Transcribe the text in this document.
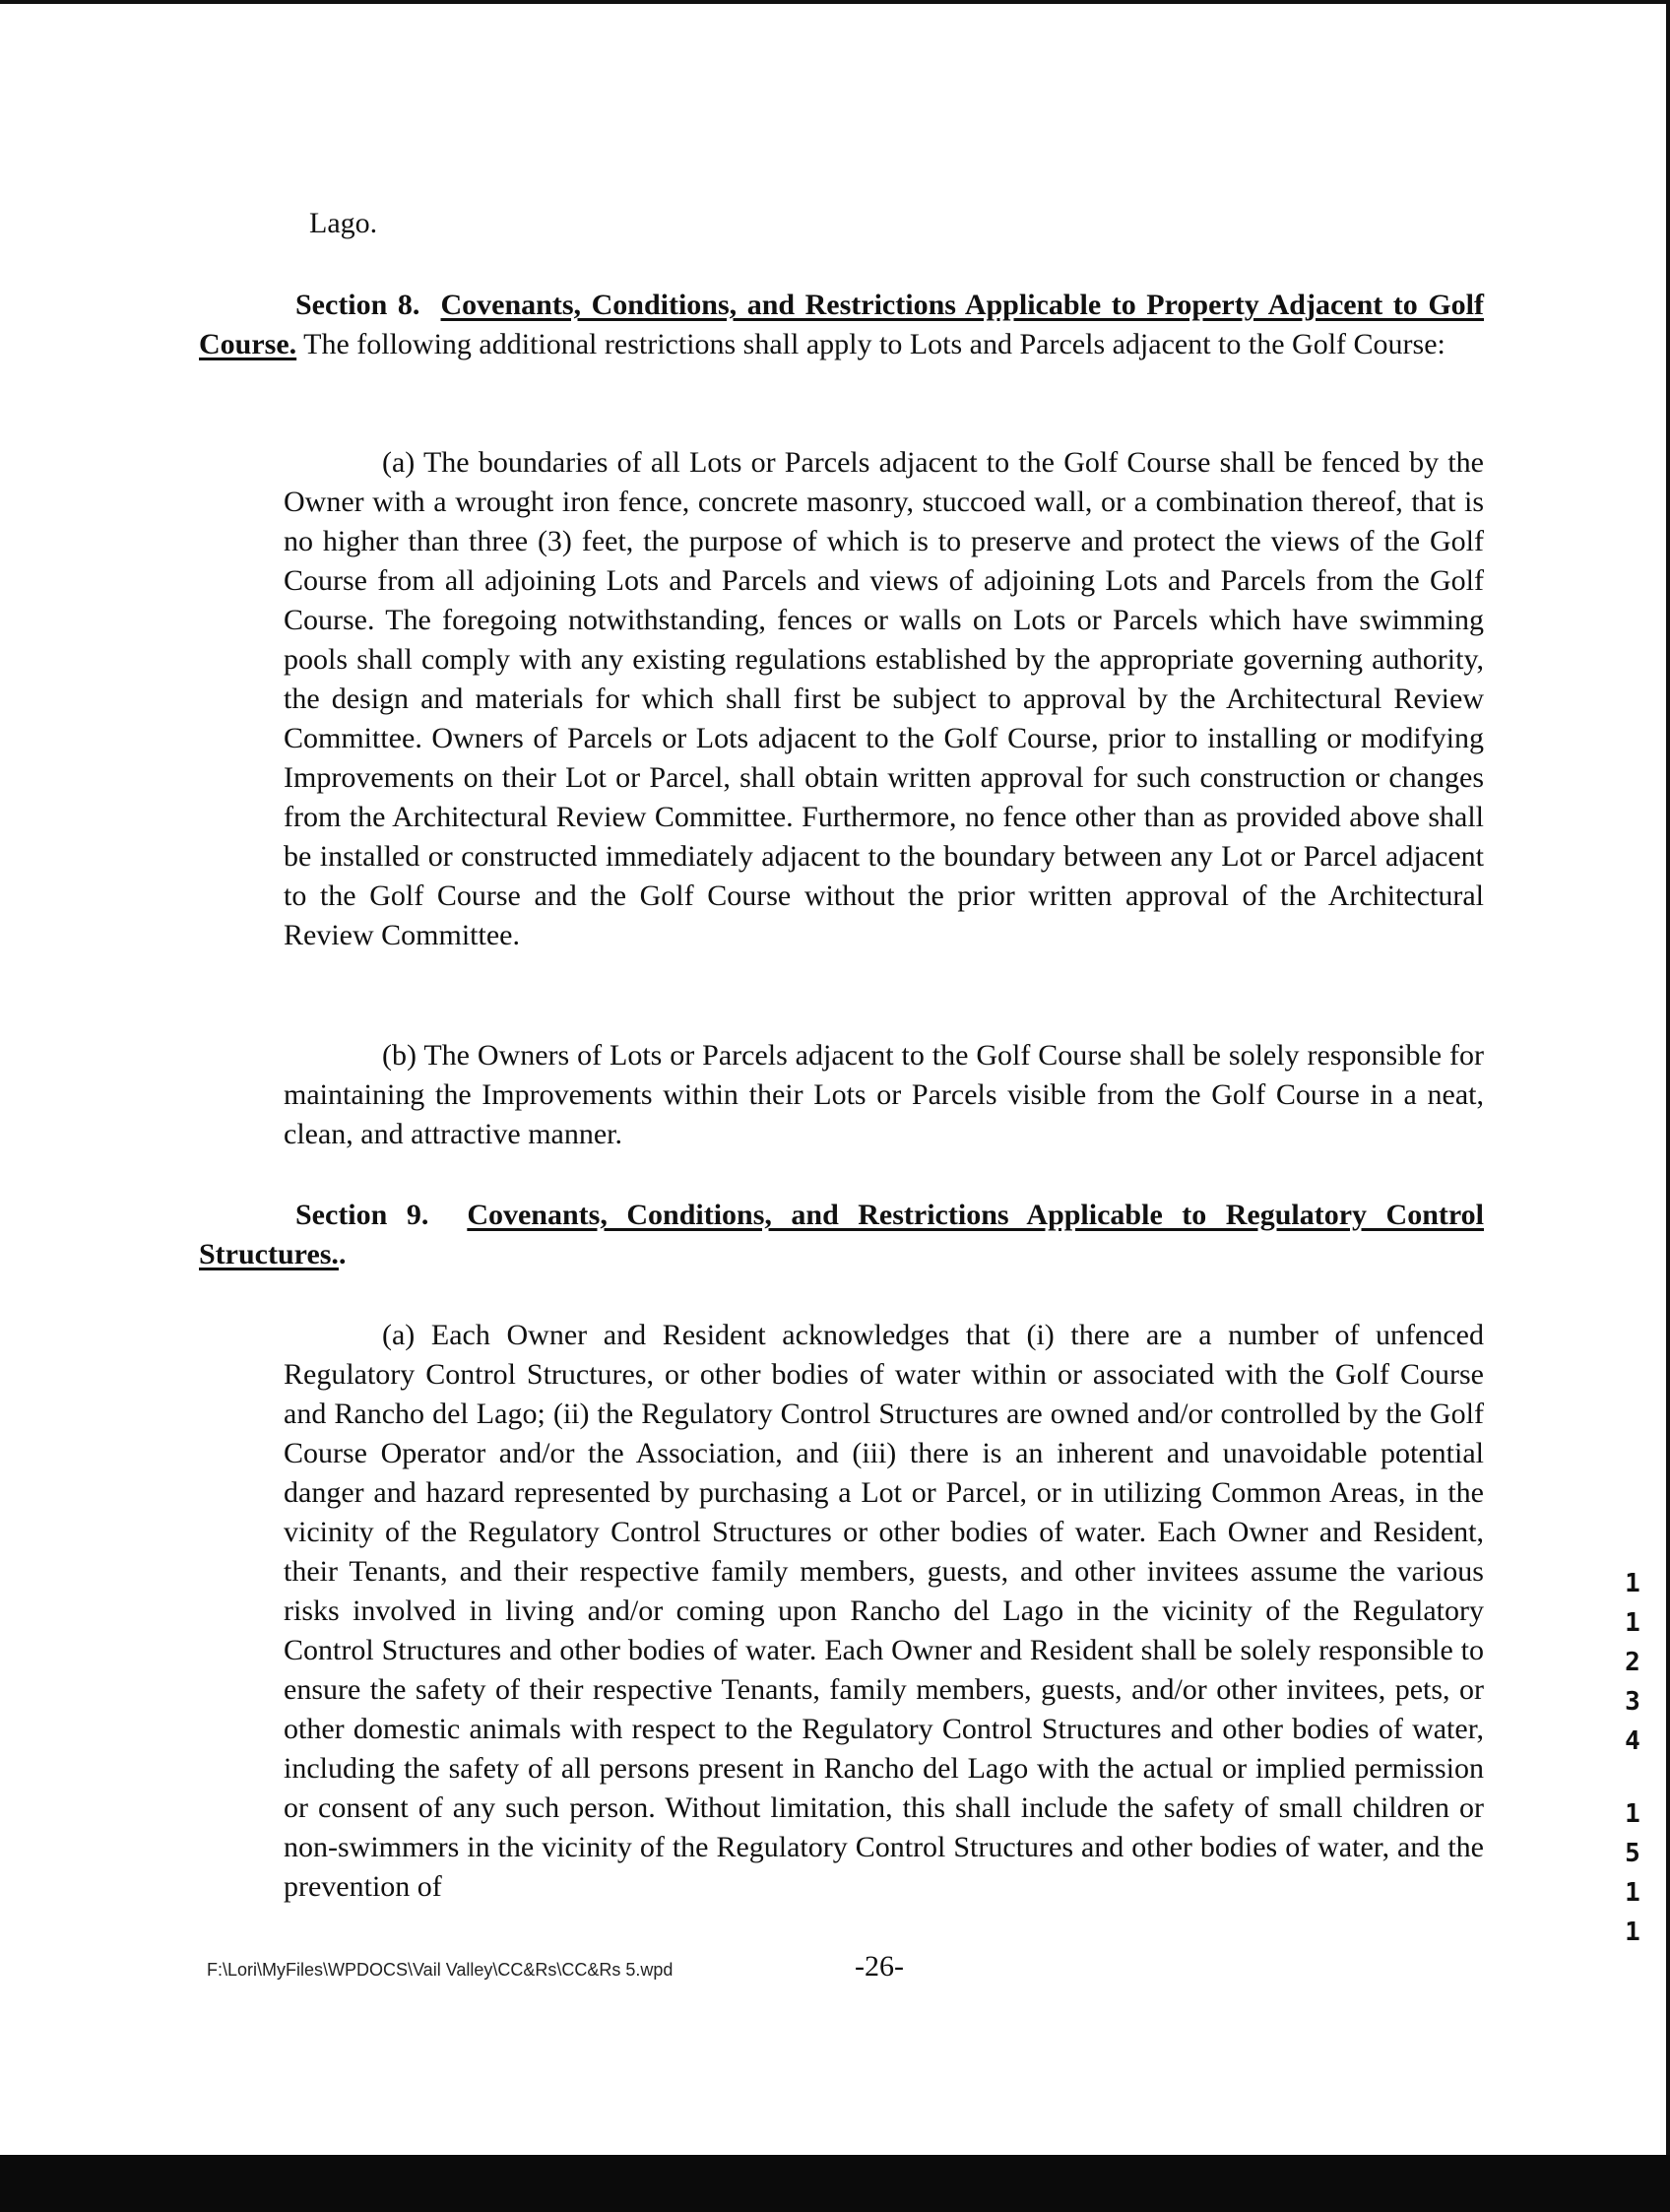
Lago.
Section 8. Covenants, Conditions, and Restrictions Applicable to Property Adjacent to Golf Course. The following additional restrictions shall apply to Lots and Parcels adjacent to the Golf Course:
(a) The boundaries of all Lots or Parcels adjacent to the Golf Course shall be fenced by the Owner with a wrought iron fence, concrete masonry, stuccoed wall, or a combination thereof, that is no higher than three (3) feet, the purpose of which is to preserve and protect the views of the Golf Course from all adjoining Lots and Parcels and views of adjoining Lots and Parcels from the Golf Course. The foregoing notwithstanding, fences or walls on Lots or Parcels which have swimming pools shall comply with any existing regulations established by the appropriate governing authority, the design and materials for which shall first be subject to approval by the Architectural Review Committee. Owners of Parcels or Lots adjacent to the Golf Course, prior to installing or modifying Improvements on their Lot or Parcel, shall obtain written approval for such construction or changes from the Architectural Review Committee. Furthermore, no fence other than as provided above shall be installed or constructed immediately adjacent to the boundary between any Lot or Parcel adjacent to the Golf Course and the Golf Course without the prior written approval of the Architectural Review Committee.
(b) The Owners of Lots or Parcels adjacent to the Golf Course shall be solely responsible for maintaining the Improvements within their Lots or Parcels visible from the Golf Course in a neat, clean, and attractive manner.
Section 9. Covenants, Conditions, and Restrictions Applicable to Regulatory Control Structures..
(a) Each Owner and Resident acknowledges that (i) there are a number of unfenced Regulatory Control Structures, or other bodies of water within or associated with the Golf Course and Rancho del Lago; (ii) the Regulatory Control Structures are owned and/or controlled by the Golf Course Operator and/or the Association, and (iii) there is an inherent and unavoidable potential danger and hazard represented by purchasing a Lot or Parcel, or in utilizing Common Areas, in the vicinity of the Regulatory Control Structures or other bodies of water. Each Owner and Resident, their Tenants, and their respective family members, guests, and other invitees assume the various risks involved in living and/or coming upon Rancho del Lago in the vicinity of the Regulatory Control Structures and other bodies of water. Each Owner and Resident shall be solely responsible to ensure the safety of their respective Tenants, family members, guests, and/or other invitees, pets, or other domestic animals with respect to the Regulatory Control Structures and other bodies of water, including the safety of all persons present in Rancho del Lago with the actual or implied permission or consent of any such person. Without limitation, this shall include the safety of small children or non-swimmers in the vicinity of the Regulatory Control Structures and other bodies of water, and the prevention of
F:\Lori\MyFiles\WPDOCS\Vail Valley\CC&Rs\CC&Rs 5.wpd	-26-
1
1
2
3
4
1
5
1
1
